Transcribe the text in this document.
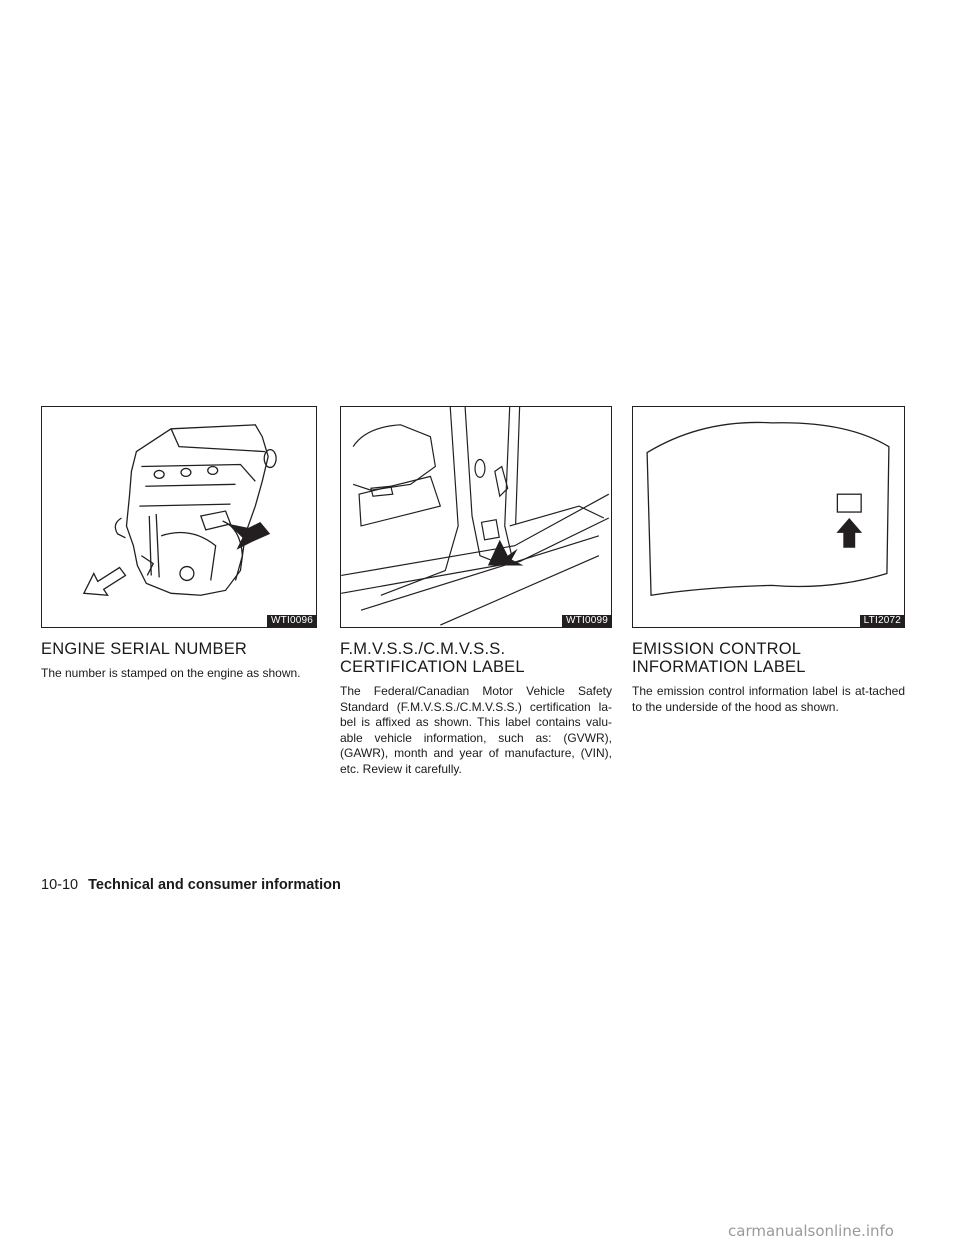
WTI0096
ENGINE SERIAL NUMBER

The number is stamped on the engine as shown.

WTI0099
F.M.V.S.S./C.M.V.S.S.
CERTIFICATION LABEL

The Federal/Canadian Motor Vehicle Safety Standard (F.M.V.S.S./C.M.V.S.S.) certification la-bel is affixed as shown. This label contains valu-able vehicle information, such as: (GVWR), (GAWR), month and year of manufacture, (VIN), etc. Review it carefully.

LTI2072
EMISSION CONTROL
INFORMATION LABEL

The emission control information label is at-tached to the underside of the hood as shown.

10-10 Technical and consumer information
carmanualsonline.info
